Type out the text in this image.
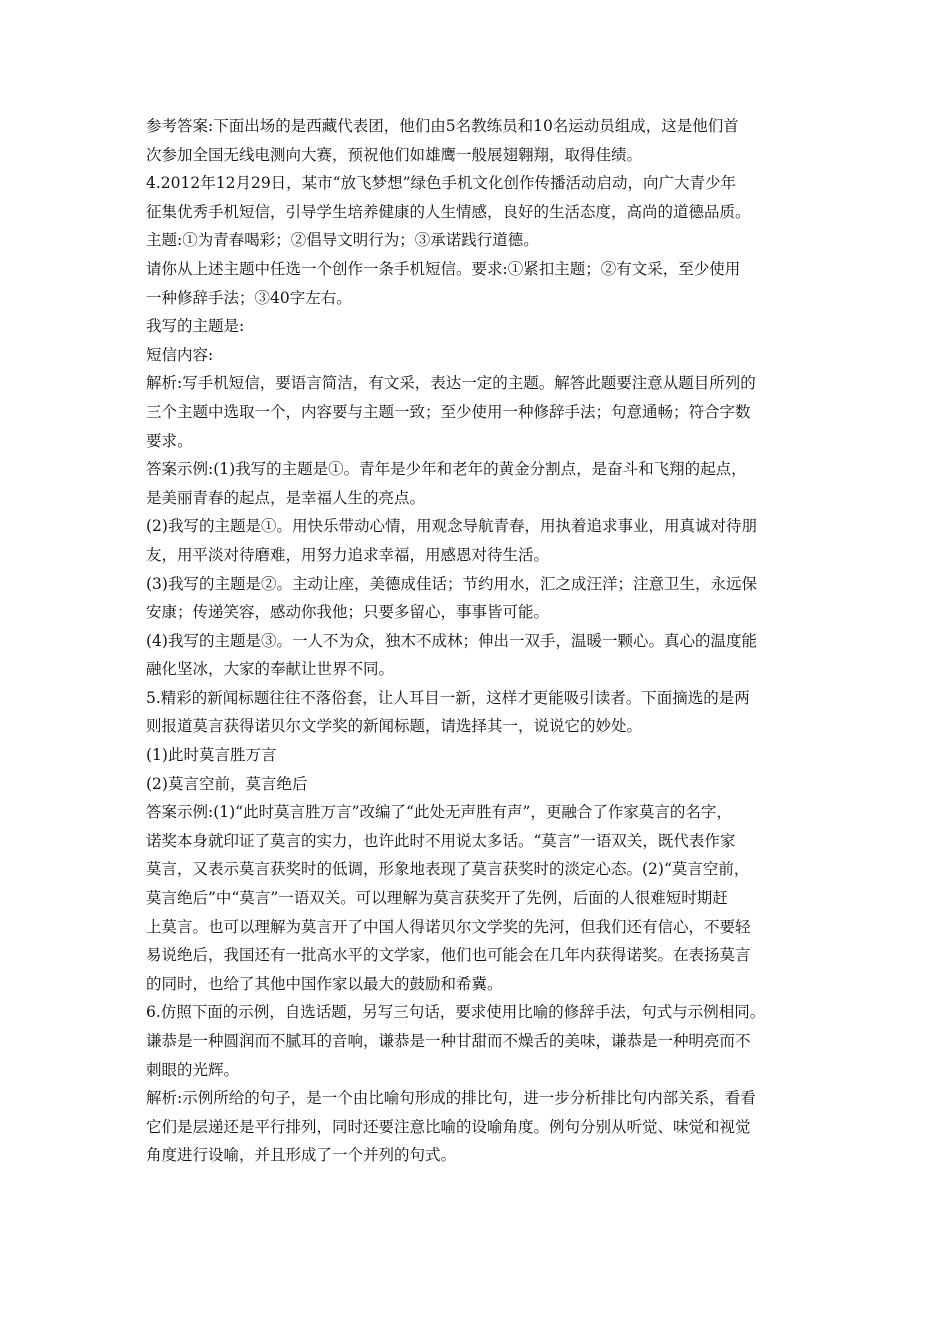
参考答案:下面出场的是西藏代表团，他们由5名教练员和10名运动员组成，这是他们首
次参加全国无线电测向大赛，预祝他们如雄鹰一般展翅翱翔，取得佳绩。
4.2012年12月29日，某市“放飞梦想”绿色手机文化创作传播活动启动，向广大青少年
征集优秀手机短信，引导学生培养健康的人生情感，良好的生活态度，高尚的道德品质。
主题:①为青春喝彩；②倡导文明行为；③承诺践行道德。
请你从上述主题中任选一个创作一条手机短信。要求:①紧扣主题；②有文采，至少使用
一种修辞手法；③40字左右。
我写的主题是:
短信内容:
解析:写手机短信，要语言简洁，有文采，表达一定的主题。解答此题要注意从题目所列的
三个主题中选取一个，内容要与主题一致；至少使用一种修辞手法；句意通畅；符合字数
要求。
答案示例:(1)我写的主题是①。青年是少年和老年的黄金分割点，是奋斗和飞翔的起点，
是美丽青春的起点，是幸福人生的亮点。
(2)我写的主题是①。用快乐带动心情，用观念导航青春，用执着追求事业，用真诚对待朋
友，用平淡对待磨难，用努力追求幸福，用感恩对待生活。
(3)我写的主题是②。主动让座，美德成佳话；节约用水，汇之成汪洋；注意卫生，永远保
安康；传递笑容，感动你我他；只要多留心，事事皆可能。
(4)我写的主题是③。一人不为众，独木不成林；伸出一双手，温暖一颗心。真心的温度能
融化坚冰，大家的奉献让世界不同。
5.精彩的新闻标题往往不落俗套，让人耳目一新，这样才更能吸引读者。下面摘选的是两
则报道莫言获得诺贝尔文学奖的新闻标题，请选择其一，说说它的妙处。
(1)此时莫言胜万言
(2)莫言空前，莫言绝后
答案示例:(1)“此时莫言胜万言”改编了“此处无声胜有声”，更融合了作家莫言的名字，
诺奖本身就印证了莫言的实力，也许此时不用说太多话。“莫言”一语双关，既代表作家
莫言，又表示莫言获奖时的低调，形象地表现了莫言获奖时的淡定心态。(2)“莫言空前，
莫言绝后”中“莫言”一语双关。可以理解为莫言获奖开了先例，后面的人很难短时期赶
上莫言。也可以理解为莫言开了中国人得诺贝尔文学奖的先河，但我们还有信心，不要轻
易说绝后，我国还有一批高水平的文学家，他们也可能会在几年内获得诺奖。在表扬莫言
的同时，也给了其他中国作家以最大的鼓励和希冀。
6.仿照下面的示例，自选话题，另写三句话，要求使用比喻的修辞手法，句式与示例相同。
谦恭是一种圆润而不腻耳的音响，谦恭是一种甘甜而不燥舌的美味，谦恭是一种明亮而不
刺眼的光辉。
解析:示例所给的句子，是一个由比喻句形成的排比句，进一步分析排比句内部关系，看看
它们是层递还是平行排列，同时还要注意比喻的设喻角度。例句分别从听觉、味觉和视觉
角度进行设喻，并且形成了一个并列的句式。
